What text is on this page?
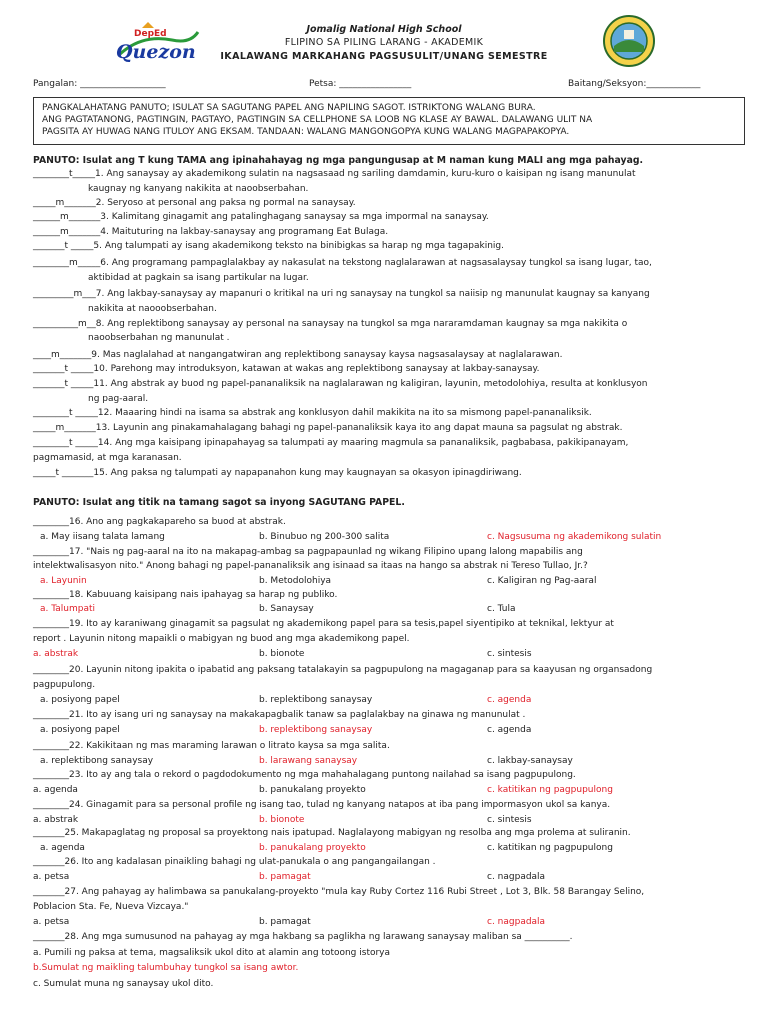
DepEd
Quezon
Jomalig National High School
FLIPINO SA PILING LARANG - AKADEMIK
IKALAWANG MARKAHANG PAGSUSULIT/UNANG SEMESTRE
Pangalan: ___________________	Petsa: ________________	Baitang/Seksyon:____________
PANGKALAHATANG PANUTO; ISULAT SA SAGUTANG PAPEL ANG NAPILING SAGOT. ISTRIKTONG WALANG BURA.
ANG PAGTATANONG, PAGTINGIN, PAGTAYO, PAGTINGIN SA CELLPHONE SA LOOB NG KLASE AY BAWAL. DALAWANG ULIT NA
PAGSITA AY HUWAG NANG ITULOY ANG EKSAM. TANDAAN: WALANG MANGONGOPYA KUNG WALANG MAGPAPAKOPYA.
PANUTO: Isulat ang T kung TAMA ang ipinahahayag ng mga pangungusap at M naman kung MALI ang mga pahayag.
________t_____1. Ang sanaysay ay akademikong sulatin na nagsasaad ng sariling damdamin, kuru-kuro o kaisipan ng isang manunulat
kaugnay ng kanyang nakikita at naoobserbahan.
_____m_______2. Seryoso at personal ang paksa ng pormal na sanaysay.
______m_______3. Kalimitang ginagamit ang patalinghagang sanaysay sa mga impormal na sanaysay.
______m_______4. Maituturing na lakbay-sanaysay ang programang Eat Bulaga.
_______t _____5. Ang talumpati ay isang akademikong teksto na binibigkas sa harap ng mga tagapakinig.
________m_____6. Ang programang pampaglalakbay ay nakasulat na tekstong naglalarawan at nagsasalaysay tungkol sa isang lugar, tao,
aktibidad at pagkain sa isang partikular na lugar.
_________m___7. Ang lakbay-sanaysay ay mapanuri o kritikal na uri ng sanaysay na tungkol sa naiisip ng manunulat kaugnay sa kanyang
nakikita at naooobserbahan.
__________m__8. Ang replektibong sanaysay ay personal na sanaysay na tungkol sa mga nararamdaman kaugnay sa mga nakikita o
naoobserbahan ng manunulat .
____m_______9. Mas naglalahad at nangangatwiran ang replektibong sanaysay kaysa nagsasalaysay at naglalarawan.
_______t _____10. Parehong may introduksyon, katawan at wakas ang replektibong sanaysay at lakbay-sanaysay.
_______t _____11. Ang abstrak ay buod ng papel-pananaliksik na naglalarawan ng kaligiran, layunin, metodolohiya, resulta at konklusyon
ng pag-aaral.
________t _____12. Maaaring hindi na isama sa abstrak ang konklusyon dahil makikita na ito sa mismong papel-pananaliksik.
_____m_______13. Layunin ang pinakamahalagang bahagi ng papel-pananaliksik kaya ito ang dapat mauna sa pagsulat ng abstrak.
________t _____14. Ang mga kaisipang ipinapahayag sa talumpati ay maaring magmula sa pananaliksik, pagbabasa, pakikipanayam,
pagmamasid, at mga karanasan.
_____t _______15. Ang paksa ng talumpati ay napapanahon kung may kaugnayan sa okasyon ipinagdiriwang.
PANUTO: Isulat ang titik na tamang sagot sa inyong SAGUTANG PAPEL.
________16. Ano ang pagkakapareho sa buod at abstrak.
a. May iisang talata lamang	b. Binubuo ng 200-300 salita	c. Nagsusuma ng akademikong sulatin
________17. "Nais ng pag-aaral na ito na makapag-ambag sa pagpapaunlad ng wikang Filipino upang lalong mapabilis ang
intelektwalisasyon nito." Anong bahagi ng papel-pananaliksik ang isinaad sa itaas na hango sa abstrak ni Tereso Tullao, Jr.?
a. Layunin	b. Metodolohiya	c. Kaligiran ng Pag-aaral
________18. Kabuuang kaisipang nais ipahayag sa harap ng publiko.
a. Talumpati	b. Sanaysay	c. Tula
________19. Ito ay karaniwang ginagamit sa pagsulat ng akademikong papel para sa tesis,papel siyentipiko at teknikal, lektyur at
report . Layunin nitong mapaikli o mabigyan ng buod ang mga akademikong papel.
a. abstrak	b. bionote	c. sintesis
________20. Layunin nitong ipakita o ipabatid ang paksang tatalakayin sa pagpupulong na magaganap para sa kaayusan ng organsadong
pagpupulong.
a. posiyong papel	b. replektibong sanaysay	c. agenda
________21. Ito ay isang uri ng sanaysay na makakapagbalik tanaw sa paglalakbay na ginawa ng manunulat .
a. posiyong papel	b. replektibong sanaysay	c. agenda
________22. Kakikitaan ng mas maraming larawan o litrato kaysa sa mga salita.
a. replektibong sanaysay	b. larawang sanaysay	c. lakbay-sanaysay
________23. Ito ay ang tala o rekord o pagdodokumento ng mga mahahalagang puntong nailahad sa isang pagpupulong.
a. agenda	b. panukalang proyekto	c. katitikan ng pagpupulong
________24. Ginagamit para sa personal profile ng isang tao, tulad ng kanyang natapos at iba pang impormasyon ukol sa kanya.
a. abstrak	b. bionote	c. sintesis
_______25. Makapaglatag ng proposal sa proyektong nais ipatupad. Naglalayong mabigyan ng resolba ang mga prolema at suliranin.
a. agenda	b. panukalang proyekto	c. katitikan ng pagpupulong
_______26. Ito ang kadalasan pinaikling bahagi ng ulat-panukala o ang pangangailangan .
a. petsa	b. pamagat	c. nagpadala
_______27. Ang pahayag ay halimbawa sa panukalang-proyekto "mula kay Ruby Cortez 116 Rubi Street , Lot 3, Blk. 58 Barangay Selino,
Poblacion Sta. Fe, Nueva Vizcaya."
a. petsa	b. pamagat	c. nagpadala
_______28. Ang mga sumusunod na pahayag ay mga hakbang sa paglikha ng larawang sanaysay maliban sa __________.
a. Pumili ng paksa at tema, magsaliksik ukol dito at alamin ang totoong istorya
b.Sumulat ng maikling talumbuhay tungkol sa isang awtor.
c. Sumulat muna ng sanaysay ukol dito.
